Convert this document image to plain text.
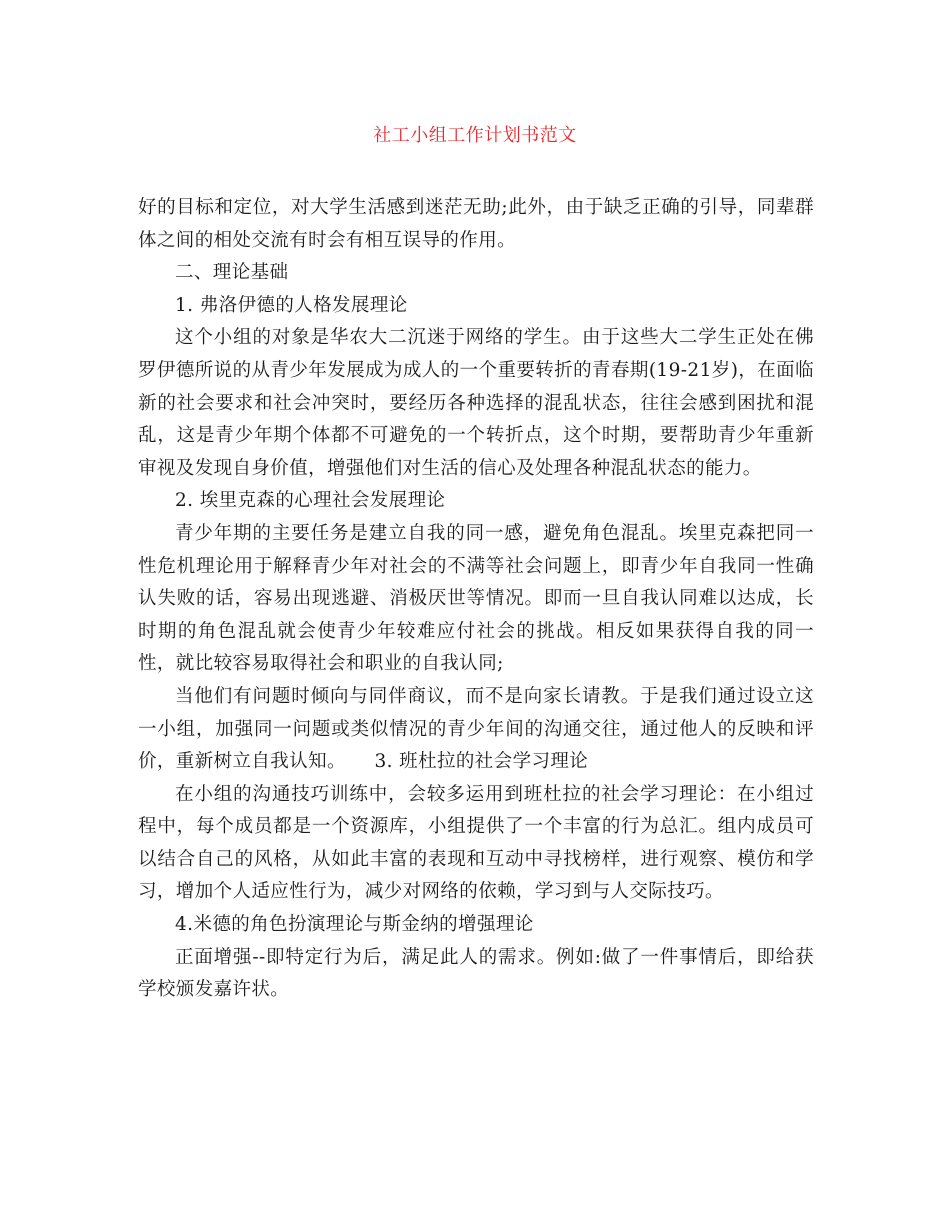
社工小组工作计划书范文

好的目标和定位，对大学生活感到迷茫无助;此外，由于缺乏正确的引导，同辈群体之间的相处交流有时会有相互误导的作用。

二、理论基础

1. 弗洛伊德的人格发展理论

这个小组的对象是华农大二沉迷于网络的学生。由于这些大二学生正处在佛罗伊德所说的从青少年发展成为成人的一个重要转折的青春期(19-21岁)，在面临新的社会要求和社会冲突时，要经历各种选择的混乱状态，往往会感到困扰和混乱，这是青少年期个体都不可避免的一个转折点，这个时期，要帮助青少年重新审视及发现自身价值，增强他们对生活的信心及处理各种混乱状态的能力。

2. 埃里克森的心理社会发展理论

青少年期的主要任务是建立自我的同一感，避免角色混乱。埃里克森把同一性危机理论用于解释青少年对社会的不满等社会问题上，即青少年自我同一性确认失败的话，容易出现逃避、消极厌世等情况。即而一旦自我认同难以达成，长时期的角色混乱就会使青少年较难应付社会的挑战。相反如果获得自我的同一性，就比较容易取得社会和职业的自我认同;

当他们有问题时倾向与同伴商议，而不是向家长请教。于是我们通过设立这一小组，加强同一问题或类似情况的青少年间的沟通交往，通过他人的反映和评价，重新树立自我认知。　　3. 班杜拉的社会学习理论

在小组的沟通技巧训练中，会较多运用到班杜拉的社会学习理论：在小组过程中，每个成员都是一个资源库，小组提供了一个丰富的行为总汇。组内成员可以结合自己的风格，从如此丰富的表现和互动中寻找榜样，进行观察、模仿和学习，增加个人适应性行为，减少对网络的依赖，学习到与人交际技巧。

4.米德的角色扮演理论与斯金纳的增强理论

正面增强--即特定行为后，满足此人的需求。例如:做了一件事情后，即给获学校颁发嘉许状。
